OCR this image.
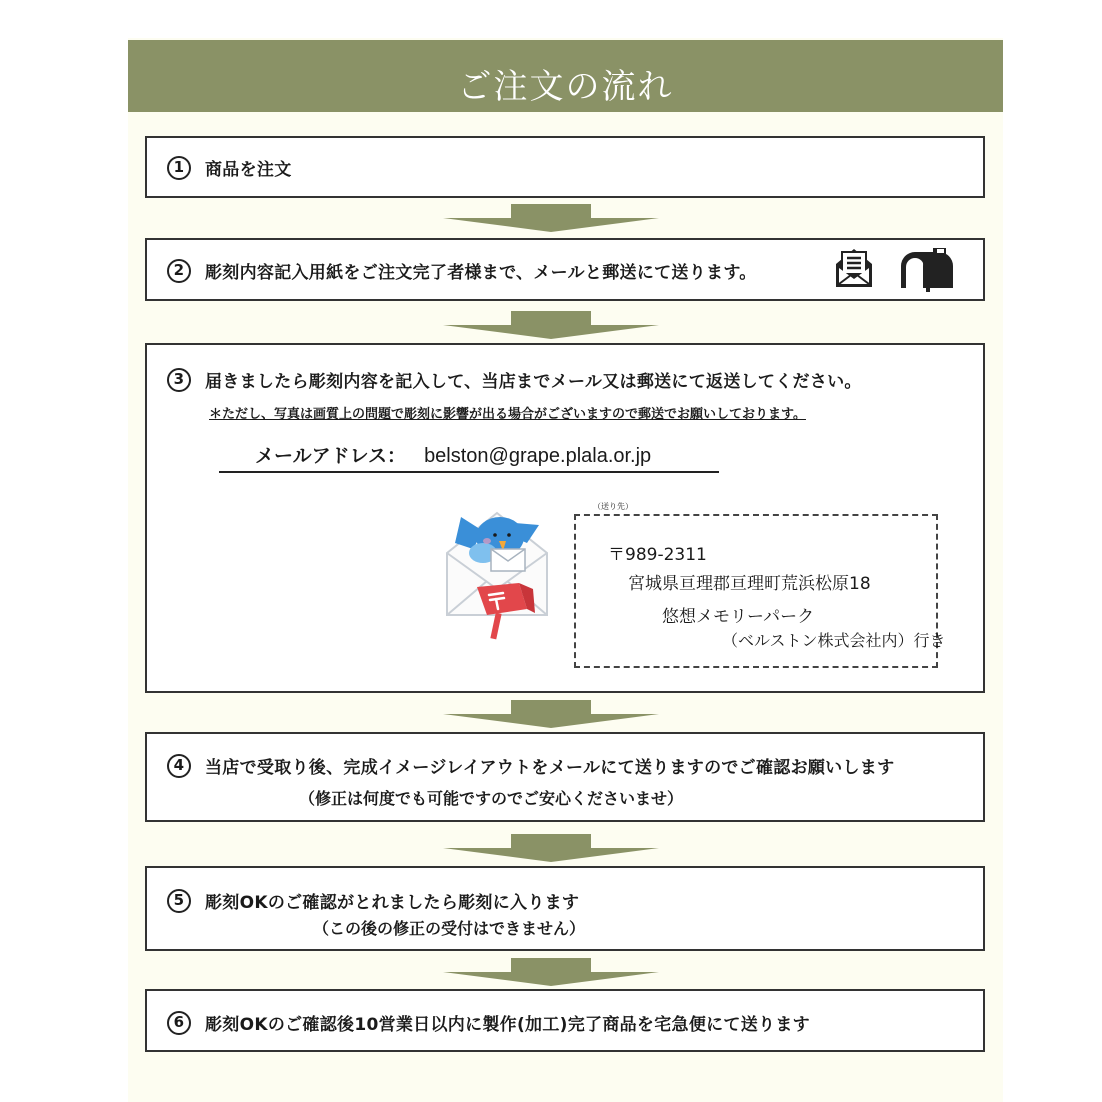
ご注文の流れ
1 商品を注文
2 彫刻内容記入用紙をご注文完了者様まで、メールと郵送にて送ります。
3 届きましたら彫刻内容を記入して、当店までメール又は郵送にて返送してください。
＊ただし、写真は画質上の問題で彫刻に影響が出る場合がございますので郵送でお願いしております。
メールアドレス： belston@grape.plala.or.jp
（送り先）
〒989-2311
宮城県亘理郡亘理町荒浜松原18
悠想メモリーパーク
（ベルストン株式会社内）行き
4 当店で受取り後、完成イメージレイアウトをメールにて送りますのでご確認お願いします
（修正は何度でも可能ですのでご安心くださいませ）
5 彫刻OKのご確認がとれましたら彫刻に入ります
（この後の修正の受付はできません）
6 彫刻OKのご確認後10営業日以内に製作(加工)完了商品を宅急便にて送ります
